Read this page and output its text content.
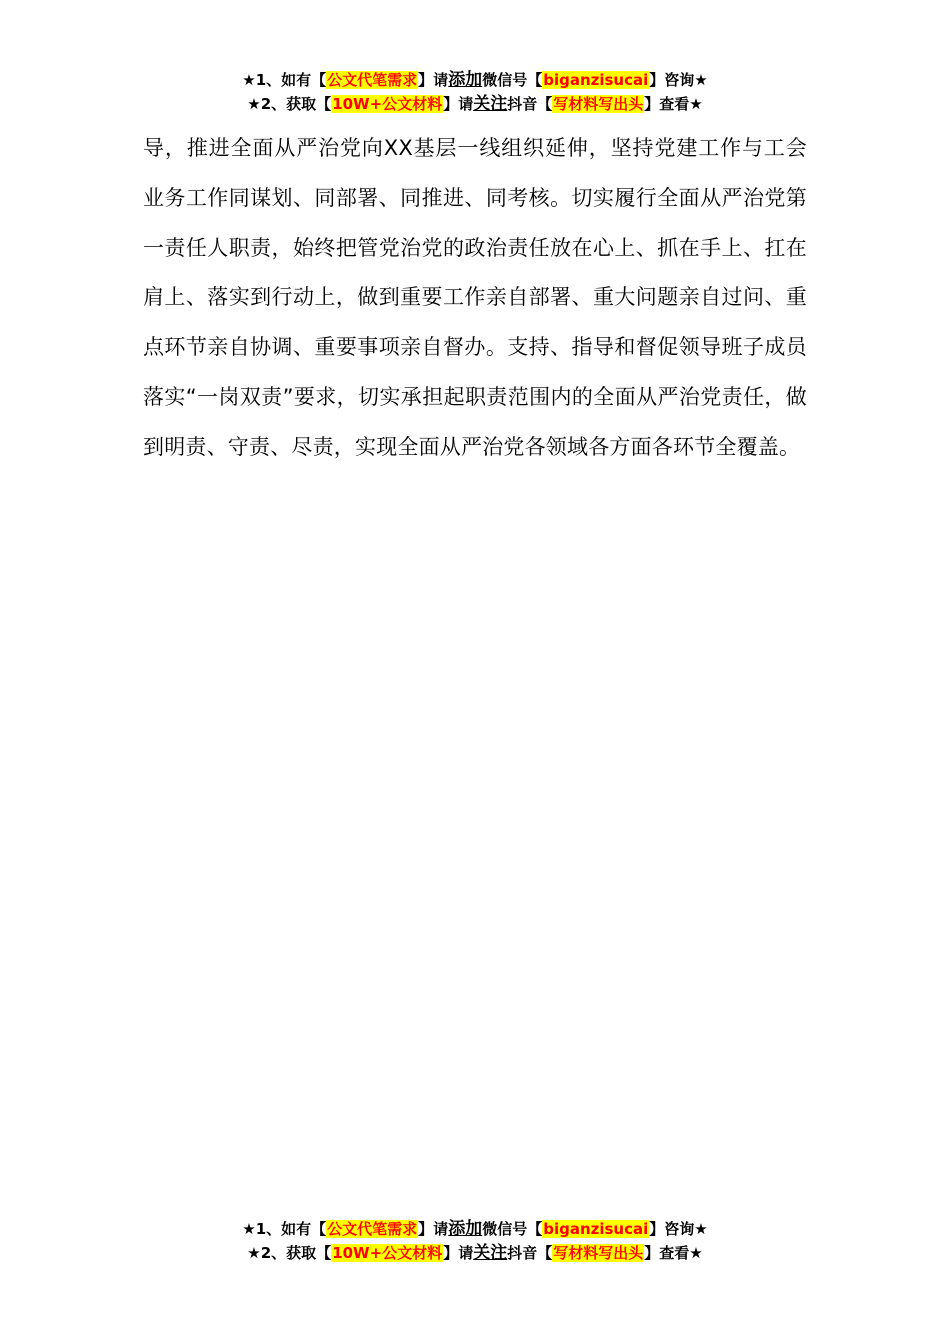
★1、如有【公文代笔需求】请添加微信号【biganzisucai】咨询★
★2、获取【10W+公文材料】请关注抖音【写材料写出头】查看★
导，推进全面从严治党向XX基层一线组织延伸，坚持党建工作与工会业务工作同谋划、同部署、同推进、同考核。切实履行全面从严治党第一责任人职责，始终把管党治党的政治责任放在心上、抓在手上、扛在肩上、落实到行动上，做到重要工作亲自部署、重大问题亲自过问、重点环节亲自协调、重要事项亲自督办。支持、指导和督促领导班子成员落实“一岗双责”要求，切实承担起职责范围内的全面从严治党责任，做到明责、守责、尽责，实现全面从严治党各领域各方面各环节全覆盖。
★1、如有【公文代笔需求】请添加微信号【biganzisucai】咨询★
★2、获取【10W+公文材料】请关注抖音【写材料写出头】查看★
